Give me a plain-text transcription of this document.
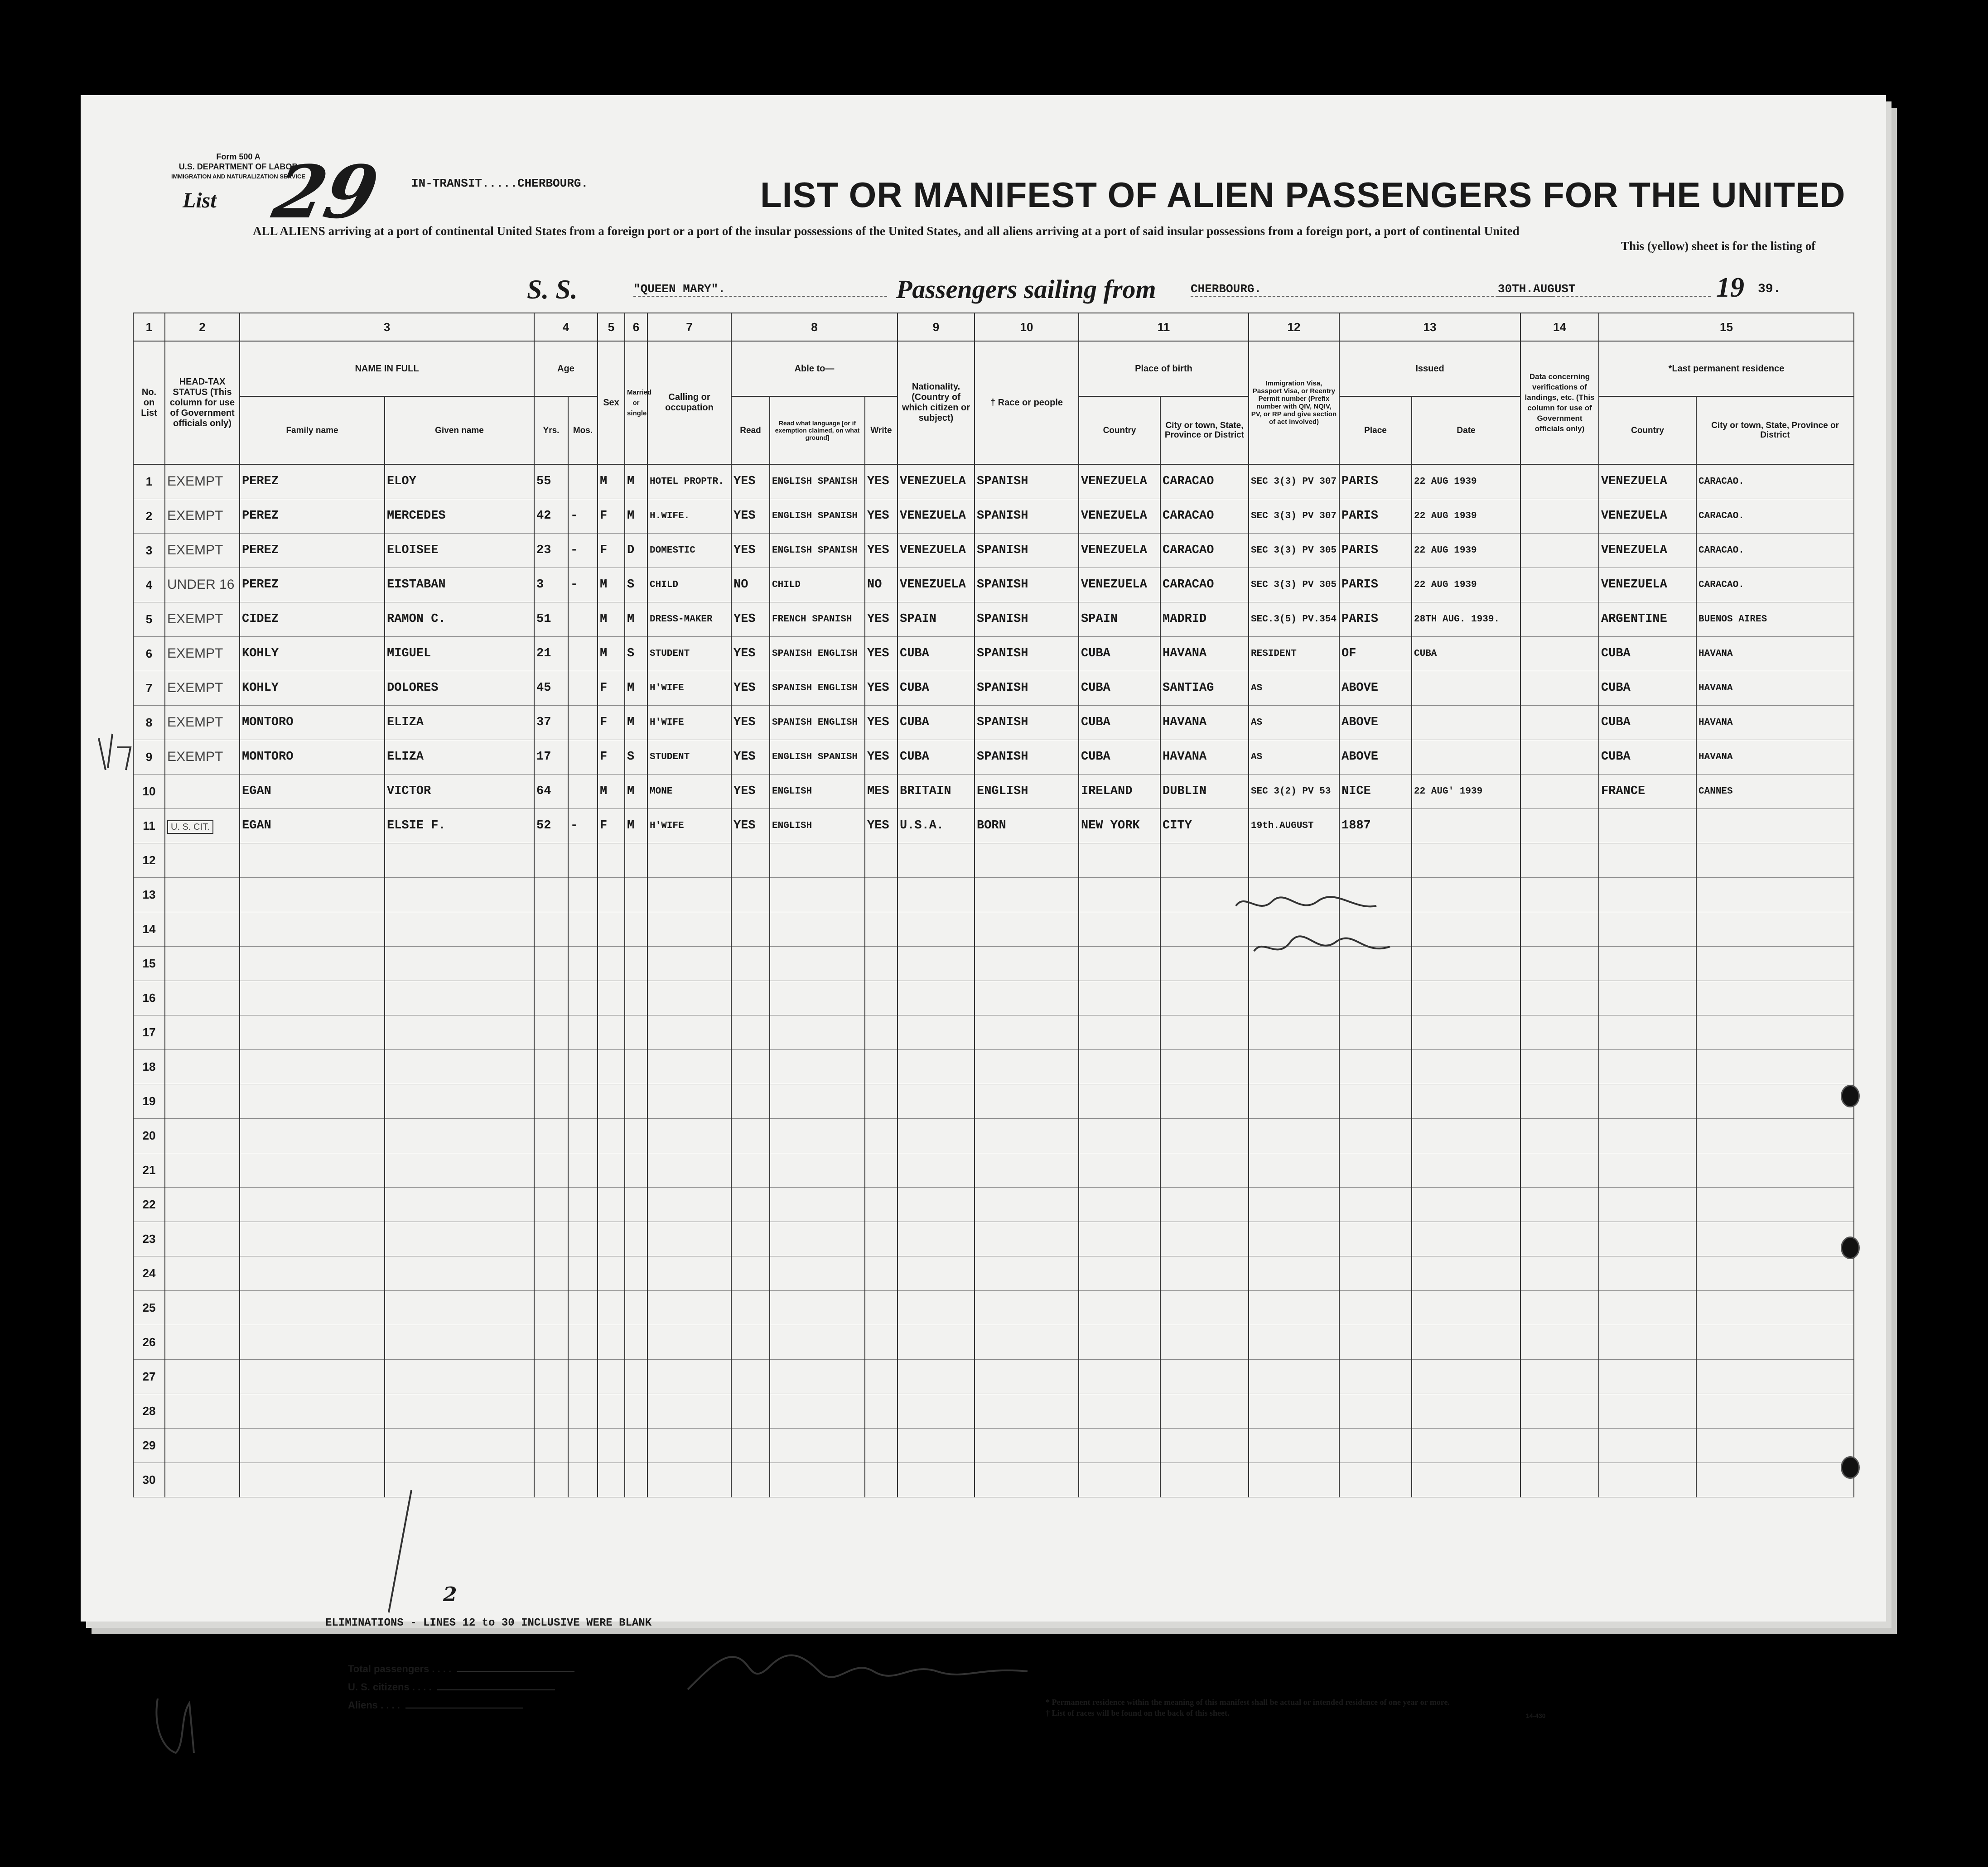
Form 500 A
U.S. DEPARTMENT OF LABOR
IMMIGRATION AND NATURALIZATION SERVICE
List 29 IN-TRANSIT.....CHERBOURG.	LIST OR MANIFEST OF ALIEN PASSENGERS FOR THE UNITED
ALL ALIENS arriving at a port of continental United States from a foreign port or a port of the insular possessions of the United States, and all aliens arriving at a port of said insular possessions from a foreign port, a port of continental United
This (yellow) sheet is for the listing of
S. S.	"QUEEN MARY".	Passengers sailing from	CHERBOURG.	30TH.AUGUST	19 39.
1	2	3		4		5	6	7	8			9	10	11		12	13		14	15	
No. on List	HEAD-TAX STATUS (This column for use of Government officials only)	NAME IN FULL		Age		Sex	Married or single	Calling or occupation	Able to—			Nationality. (Country of which citizen or subject)	† Race or people	Place of birth		Immigration Visa, Passport Visa, or Reentry Permit number (Prefix number with QIV, NQIV, PV, or RP and give section of act involved)	Issued		Data concerning verifications of landings, etc. (This column for use of Government officials only)	*Last permanent residence	
		Family name	Given name	Yrs.	Mos.				Read	Read what language [or if exemption claimed, on what ground]	Write			Country	City or town, State, Province or District		Place	Date		Country	City or town, State, Province or District
1	EXEMPT	PEREZ	ELOY	55		M	M	HOTEL PROPTR.	YES	ENGLISH SPANISH	YES	VENEZUELA	SPANISH	VENEZUELA	CARACAO	SEC 3(3) PV 307	PARIS	22 AUG 1939		VENEZUELA	CARACAO.
2	EXEMPT	PEREZ	MERCEDES	42	-	F	M	H.WIFE.	YES	ENGLISH SPANISH	YES	VENEZUELA	SPANISH	VENEZUELA	CARACAO	SEC 3(3) PV 307	PARIS	22 AUG 1939		VENEZUELA	CARACAO.
3	EXEMPT	PEREZ	ELOISEE	23	-	F	D	DOMESTIC	YES	ENGLISH SPANISH	YES	VENEZUELA	SPANISH	VENEZUELA	CARACAO	SEC 3(3) PV 305	PARIS	22 AUG 1939		VENEZUELA	CARACAO.
4	UNDER 16	PEREZ	EISTABAN	3	-	M	S	CHILD	NO	CHILD	NO	VENEZUELA	SPANISH	VENEZUELA	CARACAO	SEC 3(3) PV 305	PARIS	22 AUG 1939		VENEZUELA	CARACAO.
5	EXEMPT	CIDEZ	RAMON C.	51		M	M	DRESS-MAKER	YES	FRENCH SPANISH	YES	SPAIN	SPANISH	SPAIN	MADRID	SEC.3(5) PV.354	PARIS	28TH AUG. 1939.		ARGENTINE	BUENOS AIRES
6	EXEMPT	KOHLY	MIGUEL	21		M	S	STUDENT	YES	SPANISH ENGLISH	YES	CUBA	SPANISH	CUBA	HAVANA	RESIDENT	OF	CUBA		CUBA	HAVANA
7	EXEMPT	KOHLY	DOLORES	45		F	M	H'WIFE	YES	SPANISH ENGLISH	YES	CUBA	SPANISH	CUBA	SANTIAG	AS	ABOVE			CUBA	HAVANA
8	EXEMPT	MONTORO	ELIZA	37		F	M	H'WIFE	YES	SPANISH ENGLISH	YES	CUBA	SPANISH	CUBA	HAVANA	AS	ABOVE			CUBA	HAVANA
9	EXEMPT	MONTORO	ELIZA	17		F	S	STUDENT	YES	ENGLISH SPANISH	YES	CUBA	SPANISH	CUBA	HAVANA	AS	ABOVE			CUBA	HAVANA
10		EGAN	VICTOR	64		M	M	MONE	YES	ENGLISH	MES	BRITAIN	ENGLISH	IRELAND	DUBLIN	SEC 3(2) PV 53	NICE	22 AUG' 1939		FRANCE	CANNES
11	U. S. CIT.	EGAN	ELSIE F.	52	-	F	M	H'WIFE	YES	ENGLISH	YES	U.S.A.	BORN	NEW YORK	CITY	19th.AUGUST	1887				
12																					
13																					
14																					
15																					
16																					
17																					
18																					
19																					
20																					
21																					
22																					
23																					
24																					
25																					
26																					
27																					
28																					
29																					
30																					
2
ELIMINATIONS - LINES 12 to 30 INCLUSIVE WERE BLANK
Total passengers . . . .
U. S. citizens . . . .
Aliens . . . .	* Permanent residence within the meaning of this manifest shall be actual or intended residence of one year or more.
† List of races will be found on the back of this sheet.	14-430
